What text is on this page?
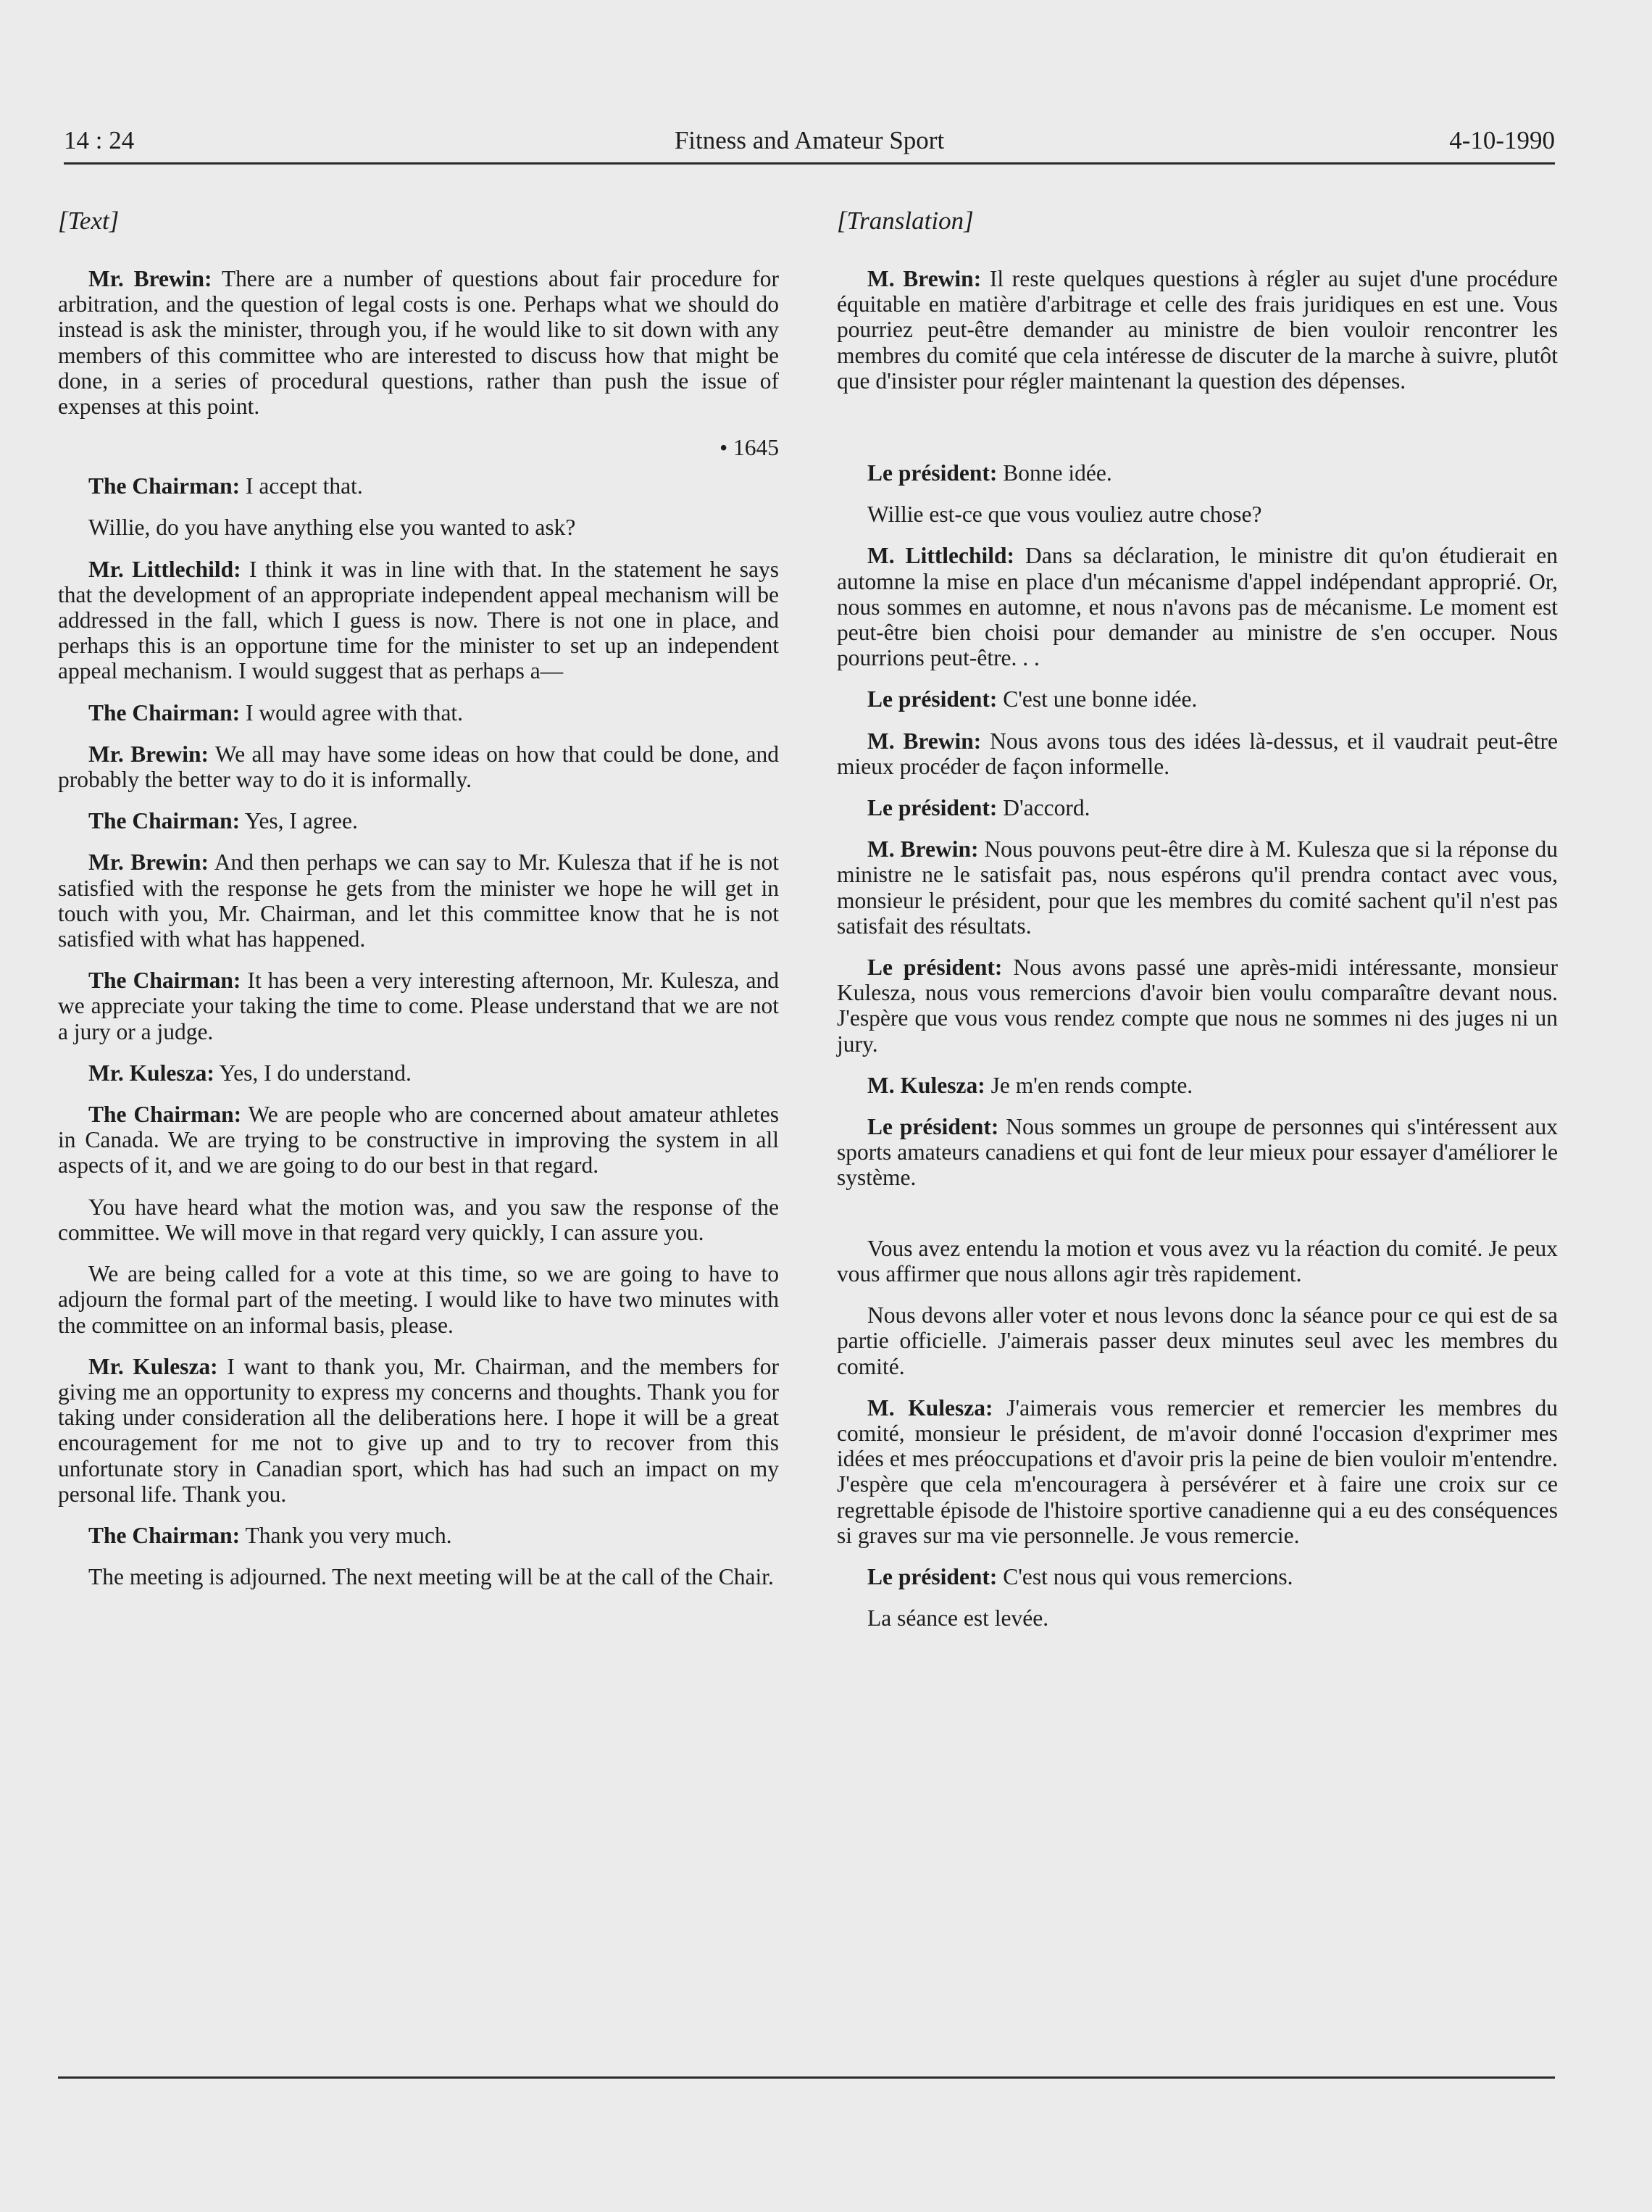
14 : 24	Fitness and Amateur Sport	4-10-1990
[Text]

Mr. Brewin: There are a number of questions about fair procedure for arbitration, and the question of legal costs is one. Perhaps what we should do instead is ask the minister, through you, if he would like to sit down with any members of this committee who are interested to discuss how that might be done, in a series of procedural questions, rather than push the issue of expenses at this point.

• 1645

The Chairman: I accept that.

Willie, do you have anything else you wanted to ask?

Mr. Littlechild: I think it was in line with that. In the statement he says that the development of an appropriate independent appeal mechanism will be addressed in the fall, which I guess is now. There is not one in place, and perhaps this is an opportune time for the minister to set up an independent appeal mechanism. I would suggest that as perhaps a—

The Chairman: I would agree with that.

Mr. Brewin: We all may have some ideas on how that could be done, and probably the better way to do it is informally.

The Chairman: Yes, I agree.

Mr. Brewin: And then perhaps we can say to Mr. Kulesza that if he is not satisfied with the response he gets from the minister we hope he will get in touch with you, Mr. Chairman, and let this committee know that he is not satisfied with what has happened.

The Chairman: It has been a very interesting afternoon, Mr. Kulesza, and we appreciate your taking the time to come. Please understand that we are not a jury or a judge.

Mr. Kulesza: Yes, I do understand.

The Chairman: We are people who are concerned about amateur athletes in Canada. We are trying to be constructive in improving the system in all aspects of it, and we are going to do our best in that regard.

You have heard what the motion was, and you saw the response of the committee. We will move in that regard very quickly, I can assure you.

We are being called for a vote at this time, so we are going to have to adjourn the formal part of the meeting. I would like to have two minutes with the committee on an informal basis, please.

Mr. Kulesza: I want to thank you, Mr. Chairman, and the members for giving me an opportunity to express my concerns and thoughts. Thank you for taking under consideration all the deliberations here. I hope it will be a great encouragement for me not to give up and to try to recover from this unfortunate story in Canadian sport, which has had such an impact on my personal life. Thank you.

The Chairman: Thank you very much.

The meeting is adjourned. The next meeting will be at the call of the Chair.

[Translation]

M. Brewin: Il reste quelques questions à régler au sujet d'une procédure équitable en matière d'arbitrage et celle des frais juridiques en est une. Vous pourriez peut-être demander au ministre de bien vouloir rencontrer les membres du comité que cela intéresse de discuter de la marche à suivre, plutôt que d'insister pour régler maintenant la question des dépenses.

Le président: Bonne idée.

Willie est-ce que vous vouliez autre chose?

M. Littlechild: Dans sa déclaration, le ministre dit qu'on étudierait en automne la mise en place d'un mécanisme d'appel indépendant approprié. Or, nous sommes en automne, et nous n'avons pas de mécanisme. Le moment est peut-être bien choisi pour demander au ministre de s'en occuper. Nous pourrions peut-être. . .

Le président: C'est une bonne idée.

M. Brewin: Nous avons tous des idées là-dessus, et il vaudrait peut-être mieux procéder de façon informelle.

Le président: D'accord.

M. Brewin: Nous pouvons peut-être dire à M. Kulesza que si la réponse du ministre ne le satisfait pas, nous espérons qu'il prendra contact avec vous, monsieur le président, pour que les membres du comité sachent qu'il n'est pas satisfait des résultats.

Le président: Nous avons passé une après-midi intéressante, monsieur Kulesza, nous vous remercions d'avoir bien voulu comparaître devant nous. J'espère que vous vous rendez compte que nous ne sommes ni des juges ni un jury.

M. Kulesza: Je m'en rends compte.

Le président: Nous sommes un groupe de personnes qui s'intéressent aux sports amateurs canadiens et qui font de leur mieux pour essayer d'améliorer le système.

Vous avez entendu la motion et vous avez vu la réaction du comité. Je peux vous affirmer que nous allons agir très rapidement.

Nous devons aller voter et nous levons donc la séance pour ce qui est de sa partie officielle. J'aimerais passer deux minutes seul avec les membres du comité.

M. Kulesza: J'aimerais vous remercier et remercier les membres du comité, monsieur le président, de m'avoir donné l'occasion d'exprimer mes idées et mes préoccupations et d'avoir pris la peine de bien vouloir m'entendre. J'espère que cela m'encouragera à persévérer et à faire une croix sur ce regrettable épisode de l'histoire sportive canadienne qui a eu des conséquences si graves sur ma vie personnelle. Je vous remercie.

Le président: C'est nous qui vous remercions.

La séance est levée.
